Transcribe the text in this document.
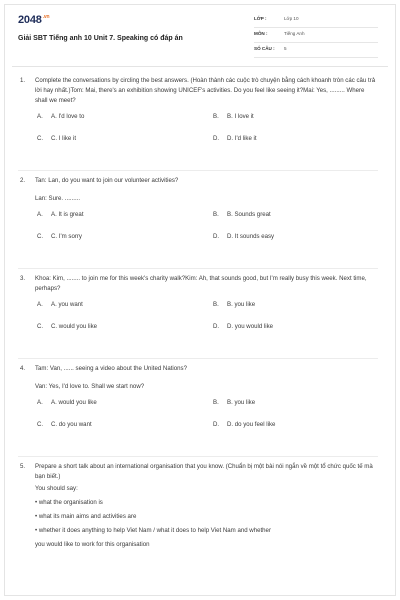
$2048^{.vn}$
Giải SBT Tiếng anh 10 Unit 7. Speaking có đáp án
LỚP :	Lớp 10
MÔN :	Tiếng Anh
SỐ CÂU : 5
1. Complete the conversations by circling the best answers. (Hoàn thành các cuộc trò chuyện bằng cách khoanh tròn các câu trả lời hay nhất.)Tom: Mai, there's an exhibition showing UNICEF's activities. Do you feel like seeing it?Mai: Yes, ......... Where shall we meet?

A. A. I'd love to	B. B. I love it
C. C. I like it	D. D. I'd like it
2. Tan: Lan, do you want to join our volunteer activities?

Lan: Sure. .........

A. A. It is great	B. B. Sounds great
C. C. I'm sorry	D. D. It sounds easy
3. Khoa: Kim, ........ to join me for this week's charity walk?Kim: Ah, that sounds good, but I'm really busy this week. Next time, perhaps?

A. A. you want	B. B. you like
C. C. would you like	D. D. you would like
4. Tam: Van, ...... seeing a video about the United Nations?

Van: Yes, I'd love to. Shall we start now?

A. A. would you like	B. B. you like
C. C. do you want	D. D. do you feel like
5. Prepare a short talk about an international organisation that you know. (Chuẩn bị một bài nói ngắn về một tổ chức quốc tế mà bạn biết.)

You should say:
• what the organisation is
• what its main aims and activities are
• whether it does anything to help Viet Nam / what it does to help Viet Nam and whether
you would like to work for this organisation
